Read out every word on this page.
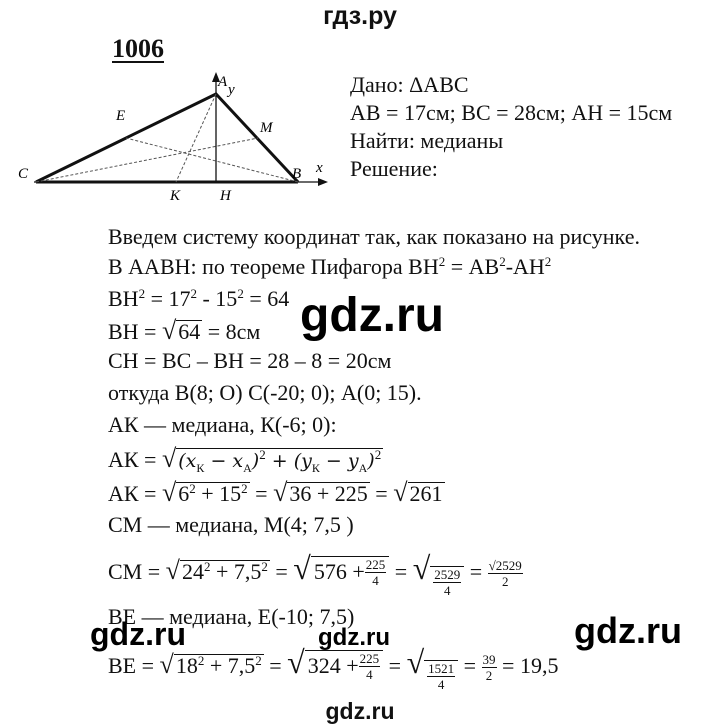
гдз.ру
1006
A y
E
M
C	B x
K	H
Дано: ΔABC
AB = 17см; BC = 28см; AH = 15см
Найти: медианы
Решение:
Введем систему координат так, как показано на рисунке.
В ААВН: по теореме Пифагора $ВН^2 = АВ^2-АН^2$
$ВН^2 = 17^2 - 15^2 = 64$
ВН = √64 = 8см
СН = ВС – ВН = 28 – 8 = 20см
откуда В(8; О) С(-20; 0); А(0; 15).
АК — медиана, К(-6; 0):
АК = √ $(x_К - x_A)^2 + (y_К - y_A)^2$
АК = $√6^2 + 15^2 = √36 + 225 = √261$
СМ — медиана, М(4; 7,5 )
СМ = $√24^2 + 7,5^2$ = √ $576 + \frac{225}{4}$ = √ $\frac{2529}{4} = \frac{√2529}{2}$
ВЕ — медиана, Е(-10; 7,5)
ВЕ = $√18^2 + 7,5^2$ = √ $324 + \frac{225}{4}$ = √ $\frac{1521}{4} = \frac{39}{2} = 19,5$
gdz.ru
gdz.ru	gdz.ru	gdz.ru
gdz.ru
